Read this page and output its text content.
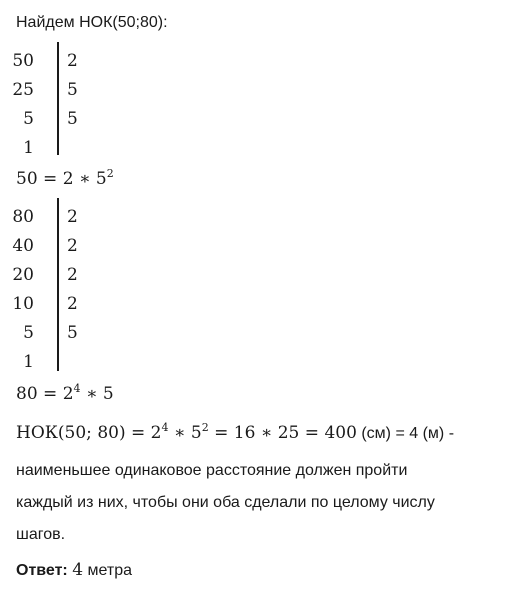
Найдем НОК(50;80):
50
25
5
1
2
5
5
50 = 2 ∗ $5^2$
80
40
20
10
5
1
2
2
2
2
5
$80 = 2^4$ ∗ 5
НОК(50; $80) = 2^4$ ∗ $5^2 = 16$ ∗ 25 = 400 (см) = 4 (м) -
наименьшее одинаковое расстояние должен пройти
каждый из них, чтобы они оба сделали по целому числу
шагов.
Ответ: 4 метра
